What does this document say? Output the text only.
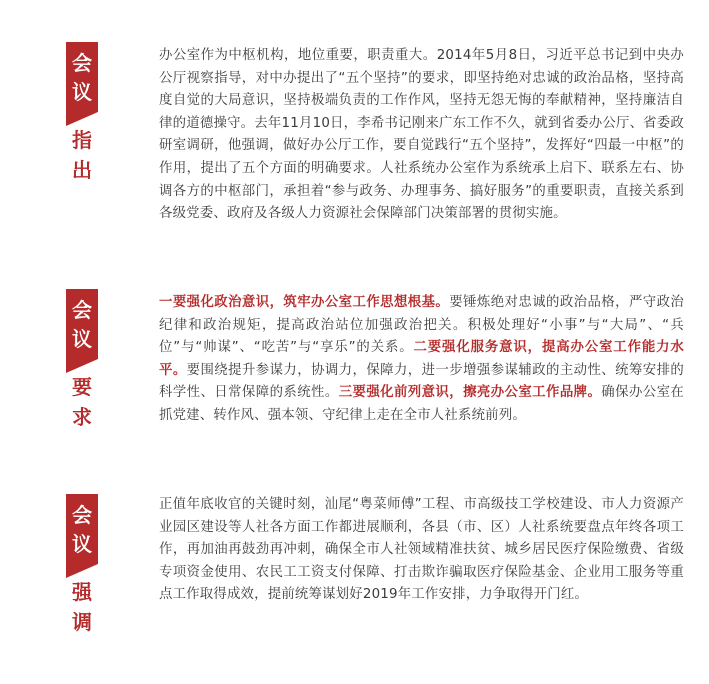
会
议
指
出

办公室作为中枢机构，地位重要，职责重大。2014年5月8日，习近平总书记到中央办公厅视察指导，对中办提出了“五个坚持”的要求，即坚持绝对忠诚的政治品格，坚持高度自觉的大局意识，坚持极端负责的工作作风，坚持无怨无悔的奉献精神，坚持廉洁自律的道德操守。去年11月10日，李希书记刚来广东工作不久，就到省委办公厅、省委政研室调研，他强调，做好办公厅工作，要自觉践行“五个坚持”，发挥好“四最一中枢”的作用，提出了五个方面的明确要求。人社系统办公室作为系统承上启下、联系左右、协调各方的中枢部门，承担着“参与政务、办理事务、搞好服务”的重要职责，直接关系到各级党委、政府及各级人力资源社会保障部门决策部署的贯彻实施。

会
议
要
求

一要强化政治意识，筑牢办公室工作思想根基。要锤炼绝对忠诚的政治品格，严守政治纪律和政治规矩，提高政治站位加强政治把关。积极处理好“小事”与“大局”、“兵位”与“帅谋”、“吃苦”与“享乐”的关系。二要强化服务意识，提高办公室工作能力水平。要围绕提升参谋力，协调力，保障力，进一步增强参谋辅政的主动性、统筹安排的科学性、日常保障的系统性。三要强化前列意识，擦亮办公室工作品牌。确保办公室在抓党建、转作风、强本领、守纪律上走在全市人社系统前列。

会
议
强
调

正值年底收官的关键时刻，汕尾“粤菜师傅”工程、市高级技工学校建设、市人力资源产业园区建设等人社各方面工作都进展顺利，各县（市、区）人社系统要盘点年终各项工作，再加油再鼓劲再冲刺，确保全市人社领域精准扶贫、城乡居民医疗保险缴费、省级专项资金使用、农民工工资支付保障、打击欺诈骗取医疗保险基金、企业用工服务等重点工作取得成效，提前统筹谋划好2019年工作安排，力争取得开门红。
